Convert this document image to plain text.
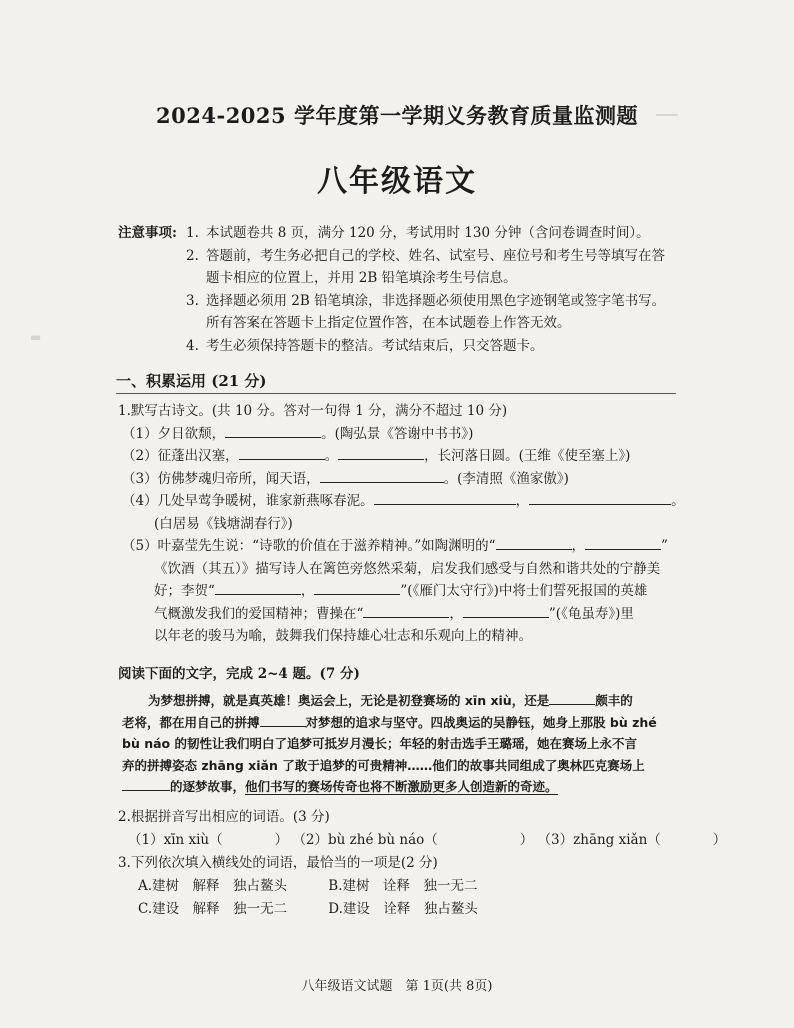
━━━
▬
2024-2025 学年度第一学期义务教育质量监测题
八年级语文
注意事项: 1. 本试题卷共 8 页，满分 120 分，考试用时 130 分钟（含问卷调查时间）。
2. 答题前，考生务必把自己的学校、姓名、试室号、座位号和考生号等填写在答
题卡相应的位置上，并用 2B 铅笔填涂考生号信息。
3. 选择题必须用 2B 铅笔填涂，非选择题必须使用黑色字迹钢笔或签字笔书写。
所有答案在答题卡上指定位置作答，在本试题卷上作答无效。
4. 考生必须保持答题卡的整洁。考试结束后，只交答题卡。
一、积累运用 (21 分)
1.默写古诗文。(共 10 分。答对一句得 1 分，满分不超过 10 分)
（1）夕日欲颓，	。(陶弘景《答谢中书书》)
（2）征蓬出汉塞，	。	，长河落日圆。(王维《使至塞上》)
（3）仿佛梦魂归帝所，闻天语，	。(李清照《渔家傲》)
（4）几处早莺争暖树，谁家新燕啄春泥。	，	。
(白居易《钱塘湖春行》)
（5）叶嘉莹先生说：“诗歌的价值在于滋养精神。”如陶渊明的“	，	”
《饮酒（其五）》描写诗人在篱笆旁悠然采菊，启发我们感受与自然和谐共处的宁静美
好；李贺“	，	”(《雁门太守行》)中将士们誓死报国的英雄
气概激发我们的爱国精神；曹操在“	，	”(《龟虽寿》)里
以年老的骏马为喻，鼓舞我们保持雄心壮志和乐观向上的精神。
阅读下面的文字，完成 2~4 题。(7 分)
为梦想拼搏，就是真英雄！奥运会上，无论是初登赛场的 xīn xiù，还是	颇丰的
老将，都在用自己的拼搏	对梦想的追求与坚守。四战奥运的吴静钰，她身上那股 bù zhé
bù náo 的韧性让我们明白了追梦可抵岁月漫长；年轻的射击选手王璐瑶，她在赛场上永不言
弃的拼搏姿态 zhāng xiǎn 了敢于追梦的可贵精神……他们的故事共同组成了奥林匹克赛场上
的逐梦故事，他们书写的赛场传奇也将不断激励更多人创造新的奇迹。
2.根据拼音写出相应的词语。(3 分)
（1）xīn xiù（	） （2）bù zhé bù náo（	） （3）zhāng xiǎn（	）
3.下列依次填入横线处的词语，最恰当的一项是(2 分)
A.建树　解释　独占鳌头	B.建树　诠释　独一无二
C.建设　解释　独一无二	D.建设　诠释　独占鳌头
八年级语文试题　第 1页(共 8页)
